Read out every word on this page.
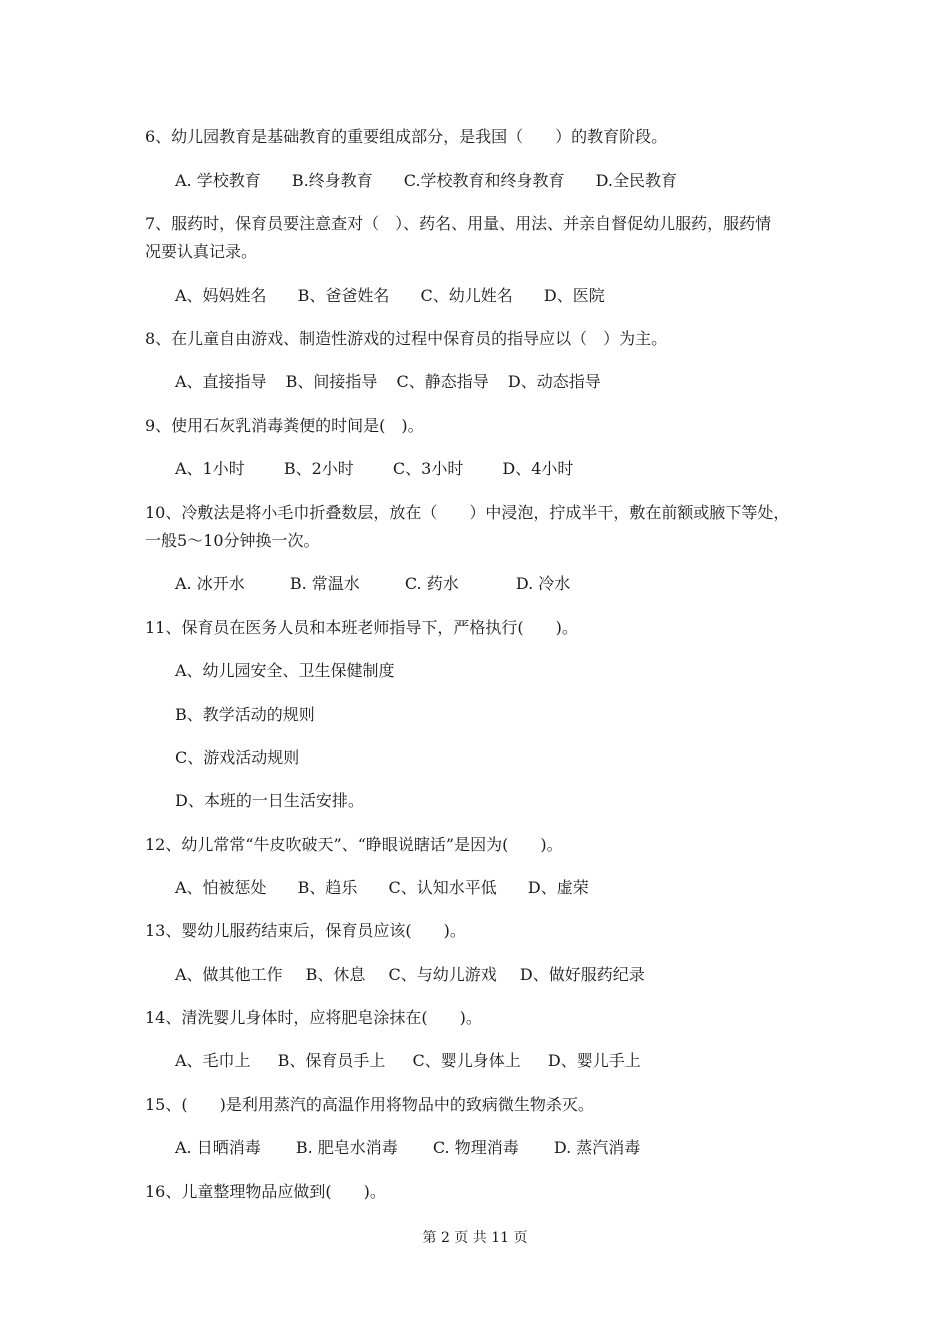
6、幼儿园教育是基础教育的重要组成部分，是我国（　　）的教育阶段。
A. 学校教育 B.终身教育 C.学校教育和终身教育 D.全民教育
7、服药时，保育员要注意查对（　）、药名、用量、用法、并亲自督促幼儿服药，服药情
况要认真记录。
A、妈妈姓名 B、爸爸姓名 C、幼儿姓名 D、医院
8、在儿童自由游戏、制造性游戏的过程中保育员的指导应以（　）为主。
A、直接指导 B、间接指导 C、静态指导 D、动态指导
9、使用石灰乳消毒粪便的时间是(　)。
A、1小时 B、2小时 C、3小时 D、4小时
10、冷敷法是将小毛巾折叠数层，放在（　　）中浸泡，拧成半干，敷在前额或腋下等处，
一般5～10分钟换一次。
A. 冰开水	B. 常温水	C. 药水	D. 冷水
11、保育员在医务人员和本班老师指导下，严格执行(　　)。
A、幼儿园安全、卫生保健制度
B、教学活动的规则
C、游戏活动规则
D、本班的一日生活安排。
12、幼儿常常“牛皮吹破天”、“睁眼说瞎话”是因为(　　)。
A、怕被惩处 B、趋乐 C、认知水平低 D、虚荣
13、婴幼儿服药结束后，保育员应该(　　)。
A、做其他工作 B、休息 C、与幼儿游戏 D、做好服药纪录
14、清洗婴儿身体时，应将肥皂涂抹在(　　)。
A、毛巾上 B、保育员手上 C、婴儿身体上 D、婴儿手上
15、(　　)是利用蒸汽的高温作用将物品中的致病微生物杀灭。
A. 日晒消毒 B. 肥皂水消毒 C. 物理消毒 D. 蒸汽消毒
16、儿童整理物品应做到(　　)。
第 2 页 共 11 页
